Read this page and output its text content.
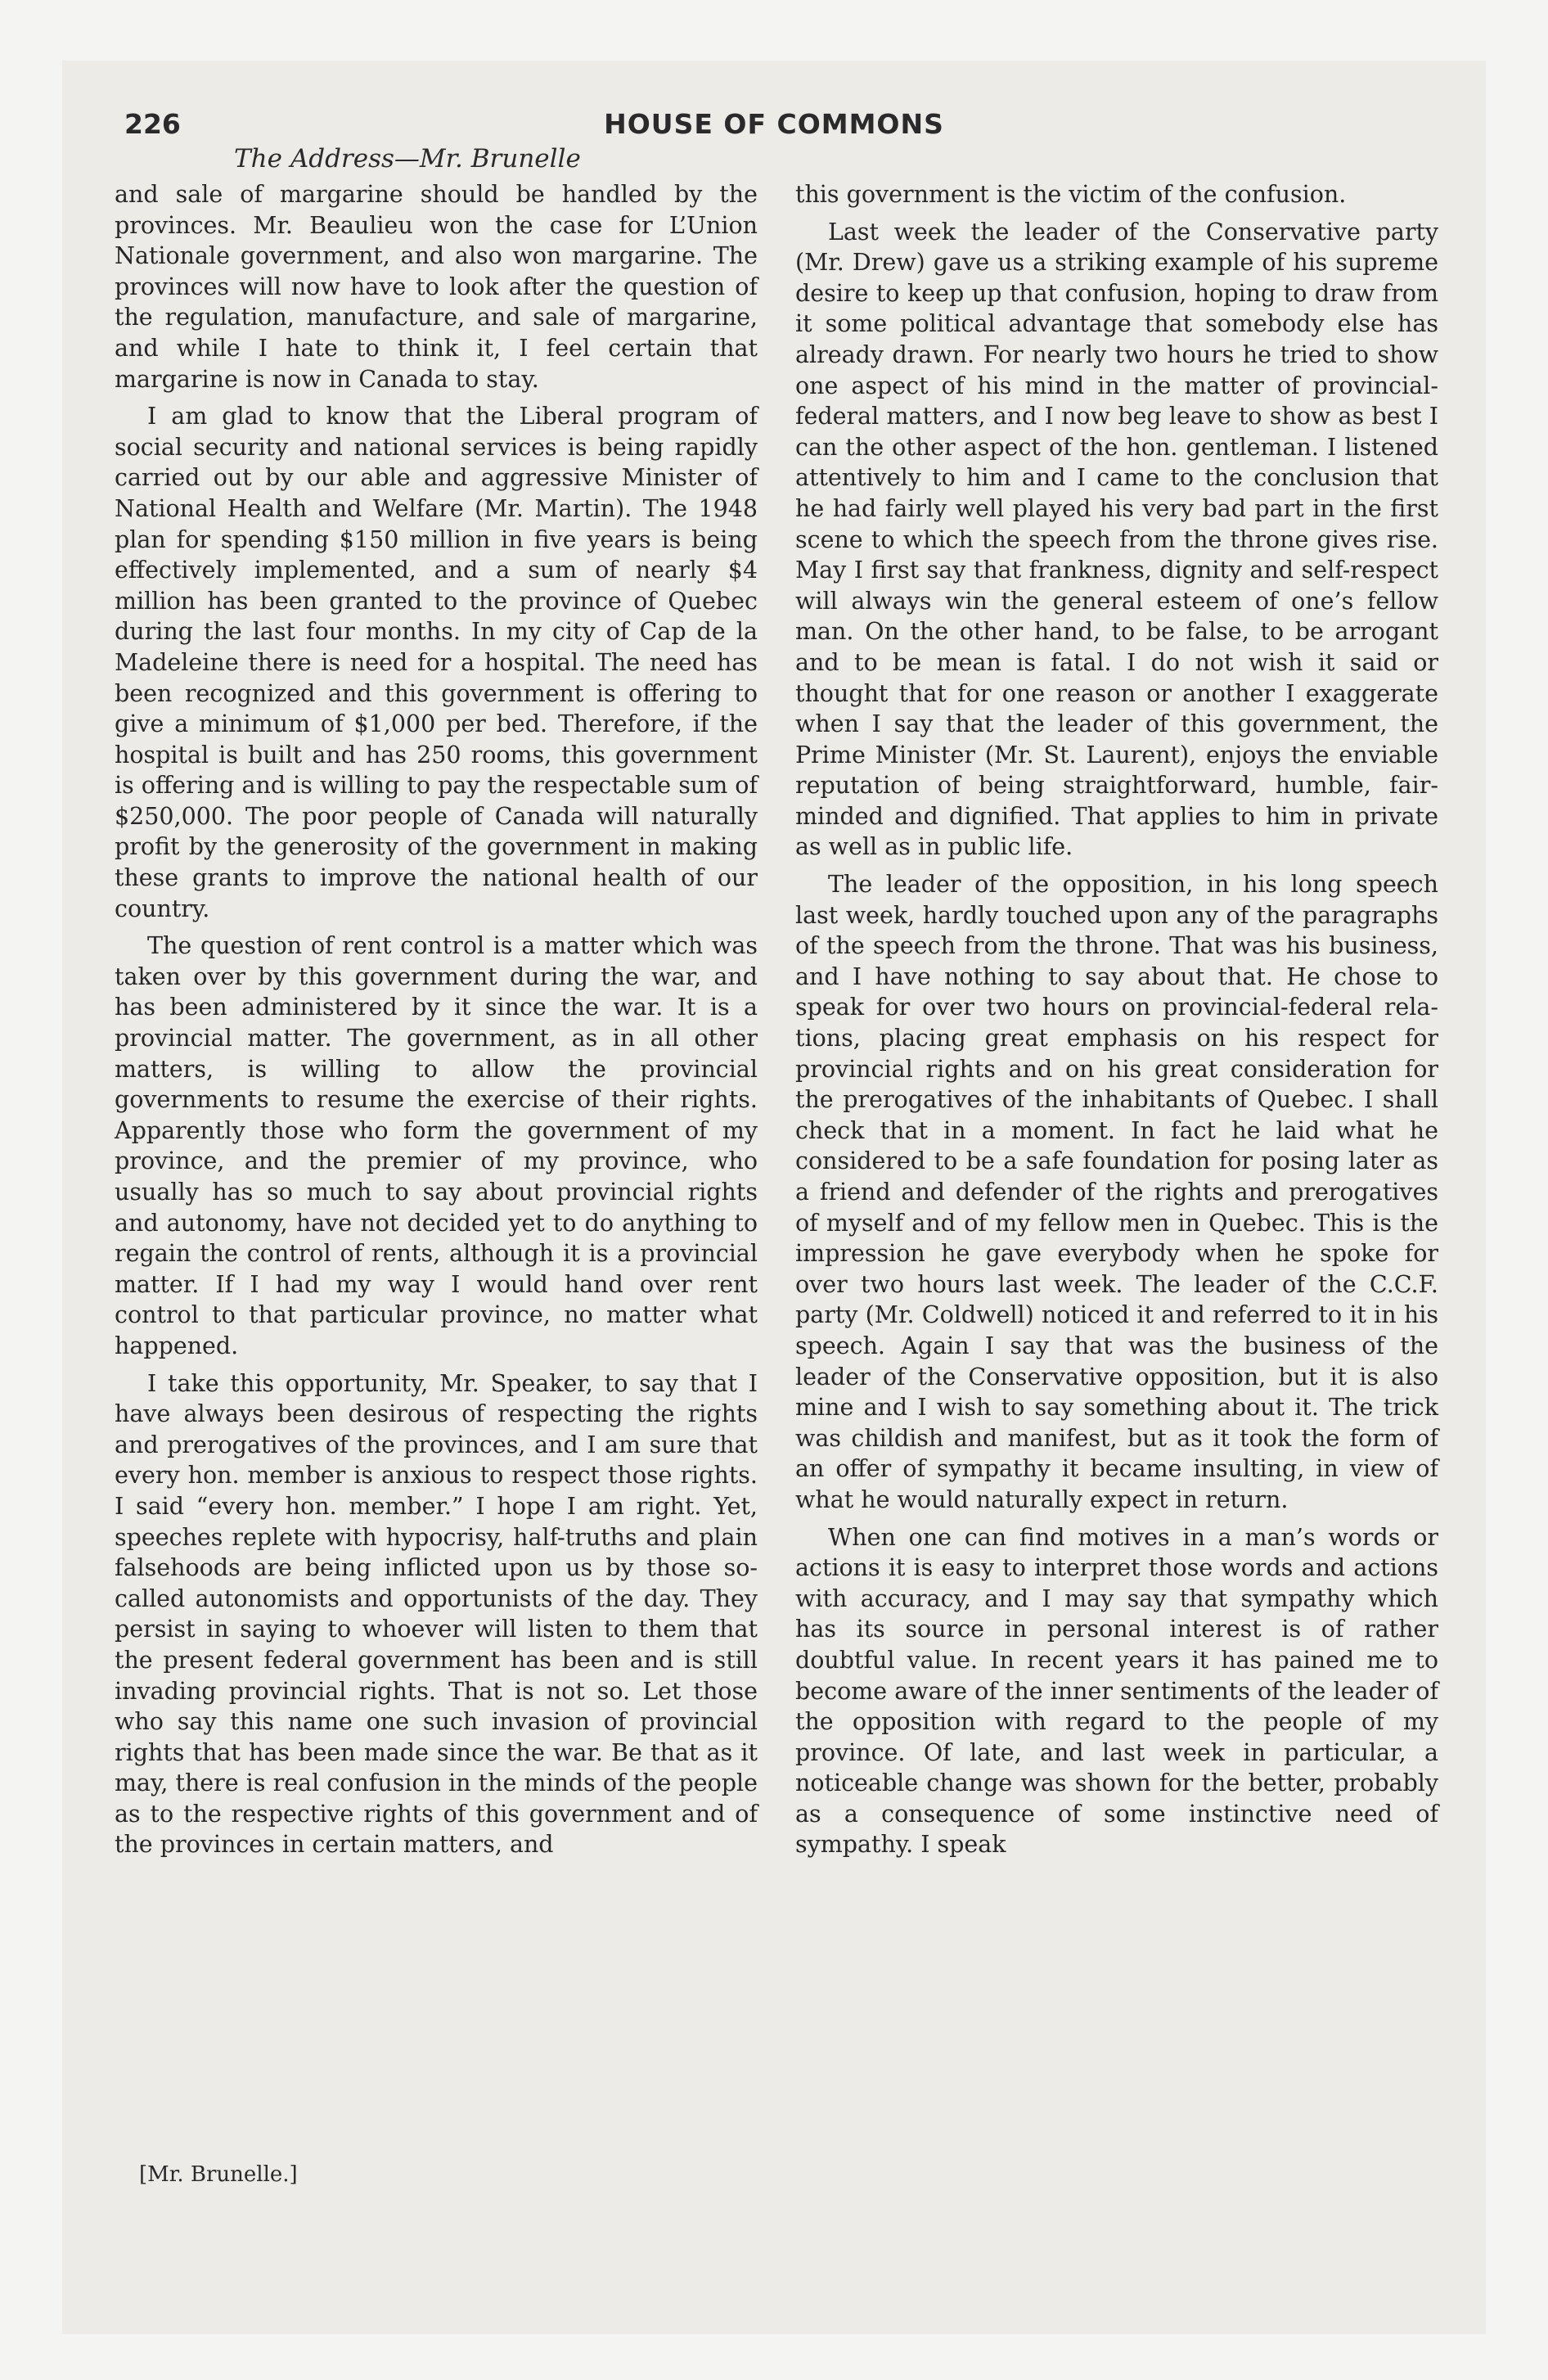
226	HOUSE OF COMMONS
The Address—Mr. Brunelle

and sale of margarine should be handled by the provinces. Mr. Beaulieu won the case for L’Union Nationale government, and also won margarine. The provinces will now have to look after the question of the regulation, manufacture, and sale of margarine, and while I hate to think it, I feel certain that margarine is now in Canada to stay.

I am glad to know that the Liberal program of social security and national services is being rapidly carried out by our able and aggressive Minister of National Health and Welfare (Mr. Martin). The 1948 plan for spending $150 million in five years is being effectively implemented, and a sum of nearly $4 million has been granted to the province of Quebec during the last four months. In my city of Cap de la Madeleine there is need for a hospital. The need has been recognized and this government is offering to give a minimum of $1,000 per bed. Therefore, if the hospital is built and has 250 rooms, this government is offering and is willing to pay the respectable sum of $250,000. The poor people of Canada will naturally profit by the generosity of the government in making these grants to improve the national health of our country.

The question of rent control is a matter which was taken over by this government during the war, and has been administered by it since the war. It is a provincial matter. The government, as in all other matters, is willing to allow the provincial governments to resume the exercise of their rights. Apparently those who form the government of my province, and the premier of my province, who usually has so much to say about provincial rights and autonomy, have not decided yet to do anything to regain the control of rents, although it is a provincial matter. If I had my way I would hand over rent control to that particular province, no matter what happened.

I take this opportunity, Mr. Speaker, to say that I have always been desirous of respecting the rights and prerogatives of the provinces, and I am sure that every hon. member is anxious to respect those rights. I said “every hon. member.” I hope I am right. Yet, speeches replete with hypocrisy, half-truths and plain falsehoods are being inflicted upon us by those so-called autonomists and opportunists of the day. They persist in saying to whoever will listen to them that the present federal government has been and is still invading provincial rights. That is not so. Let those who say this name one such invasion of provincial rights that has been made since the war. Be that as it may, there is real confusion in the minds of the people as to the respective rights of this government and of the provinces in certain matters, and

this government is the victim of the confusion.

Last week the leader of the Conservative party (Mr. Drew) gave us a striking example of his supreme desire to keep up that confusion, hoping to draw from it some political advantage that somebody else has already drawn. For nearly two hours he tried to show one aspect of his mind in the matter of provincial-federal matters, and I now beg leave to show as best I can the other aspect of the hon. gentleman. I listened attentively to him and I came to the conclusion that he had fairly well played his very bad part in the first scene to which the speech from the throne gives rise. May I first say that frankness, dignity and self-respect will always win the general esteem of one’s fellow man. On the other hand, to be false, to be arrogant and to be mean is fatal. I do not wish it said or thought that for one reason or another I exaggerate when I say that the leader of this government, the Prime Minister (Mr. St. Laurent), enjoys the enviable reputation of being straightforward, humble, fair-minded and dignified. That applies to him in private as well as in public life.

The leader of the opposition, in his long speech last week, hardly touched upon any of the paragraphs of the speech from the throne. That was his business, and I have nothing to say about that. He chose to speak for over two hours on provincial-federal relations, placing great emphasis on his respect for provincial rights and on his great consideration for the prerogatives of the inhabitants of Quebec. I shall check that in a moment. In fact he laid what he considered to be a safe foundation for posing later as a friend and defender of the rights and prerogatives of myself and of my fellow men in Quebec. This is the impression he gave everybody when he spoke for over two hours last week. The leader of the C.C.F. party (Mr. Coldwell) noticed it and referred to it in his speech. Again I say that was the business of the leader of the Conservative opposition, but it is also mine and I wish to say something about it. The trick was childish and manifest, but as it took the form of an offer of sympathy it became insulting, in view of what he would naturally expect in return.

When one can find motives in a man’s words or actions it is easy to interpret those words and actions with accuracy, and I may say that sympathy which has its source in personal interest is of rather doubtful value. In recent years it has pained me to become aware of the inner sentiments of the leader of the opposition with regard to the people of my province. Of late, and last week in particular, a noticeable change was shown for the better, probably as a consequence of some instinctive need of sympathy. I speak

[Mr. Brunelle.]
